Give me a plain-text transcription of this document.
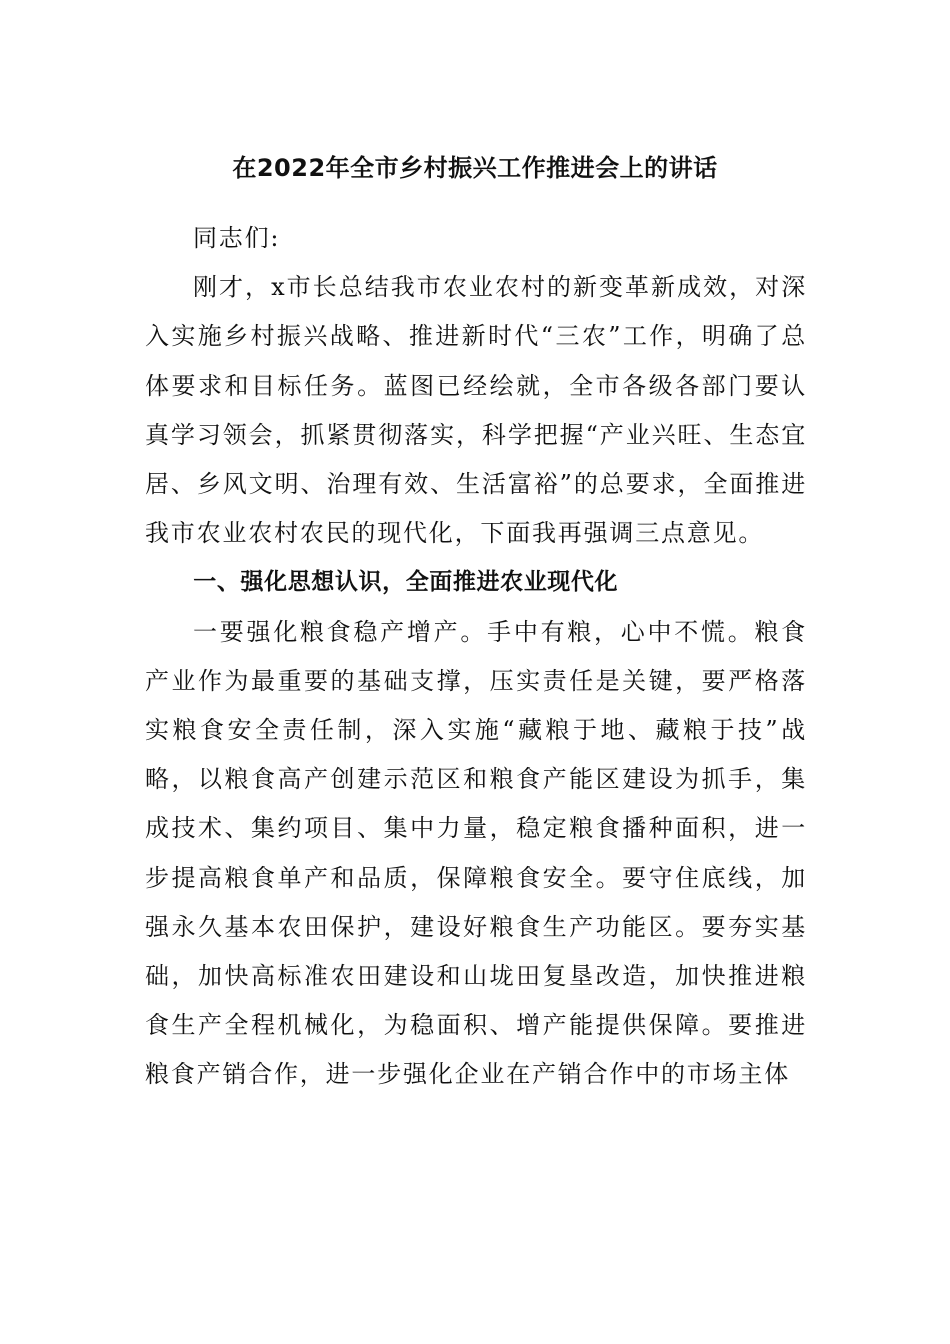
在2022年全市乡村振兴工作推进会上的讲话

同志们:

刚才，x市长总结我市农业农村的新变革新成效，对深入实施乡村振兴战略、推进新时代“三农”工作，明确了总体要求和目标任务。蓝图已经绘就，全市各级各部门要认真学习领会，抓紧贯彻落实，科学把握“产业兴旺、生态宜居、乡风文明、治理有效、生活富裕”的总要求，全面推进我市农业农村农民的现代化，下面我再强调三点意见。

一、强化思想认识，全面推进农业现代化

一要强化粮食稳产增产。手中有粮，心中不慌。粮食产业作为最重要的基础支撑，压实责任是关键，要严格落实粮食安全责任制，深入实施“藏粮于地、藏粮于技”战略，以粮食高产创建示范区和粮食产能区建设为抓手，集成技术、集约项目、集中力量，稳定粮食播种面积，进一步提高粮食单产和品质，保障粮食安全。要守住底线，加强永久基本农田保护，建设好粮食生产功能区。要夯实基础，加快高标准农田建设和山垅田复垦改造，加快推进粮食生产全程机械化，为稳面积、增产能提供保障。要推进粮食产销合作，进一步强化企业在产销合作中的市场主体
